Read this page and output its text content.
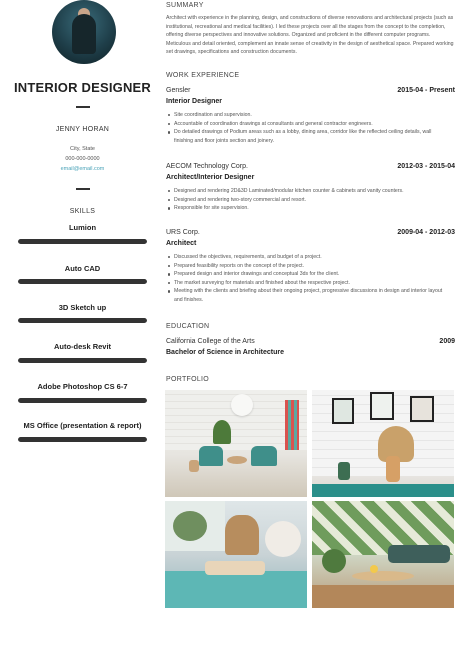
INTERIOR DESIGNER
JENNY HORAN
City, State
000-000-0000
email@email.com
SKILLS
Lumion
Auto CAD
3D Sketch up
Auto-desk Revit
Adobe Photoshop CS 6-7
MS Office (presentation & report)
SUMMARY
Architect with experience in the planning, design, and constructions of diverse renovations and architectural projects (such as institutional, recreational and medical facilities). I led these projects over all the stages from the concept to the completion, offering diverse perspectives and innovative solutions. Organized and proficient in the different computer programs. Meticulous and detail oriented, complement an innate sense of creativity in the design of aesthetical space. Prepared working set drawings, specifications and construction documents.
WORK EXPERIENCE
Gensler	2015-04 - Present
Interior Designer
Site coordination and supervision.
Accountable of coordination drawings at consultants and general contractor engineers.
Do detailed drawings of Podium areas such as a lobby, dining area, corridor like the reflected ceiling details, wall finishing and floor joints section and joinery.
AECOM Technology Corp.	2012-03 - 2015-04
Architect/Interior Designer
Designed and rendering 2D&3D Laminated/modular kitchen counter & cabinets and vanity counters.
Designed and rendering two-story commercial and resort.
Responsible for site supervision.
URS Corp.	2009-04 - 2012-03
Architect
Discussed the objectives, requirements, and budget of a project.
Prepared feasibility reports on the concept of the project.
Prepared design and interior drawings and conceptual 3ds for the client.
The market surveying for materials and finished about the respective project.
Meeting with the clients and briefing about their ongoing project, progressive discussions in design and interior layout and finishes.
EDUCATION
California College of the Arts	2009
Bachelor of Science in Architecture
PORTFOLIO
